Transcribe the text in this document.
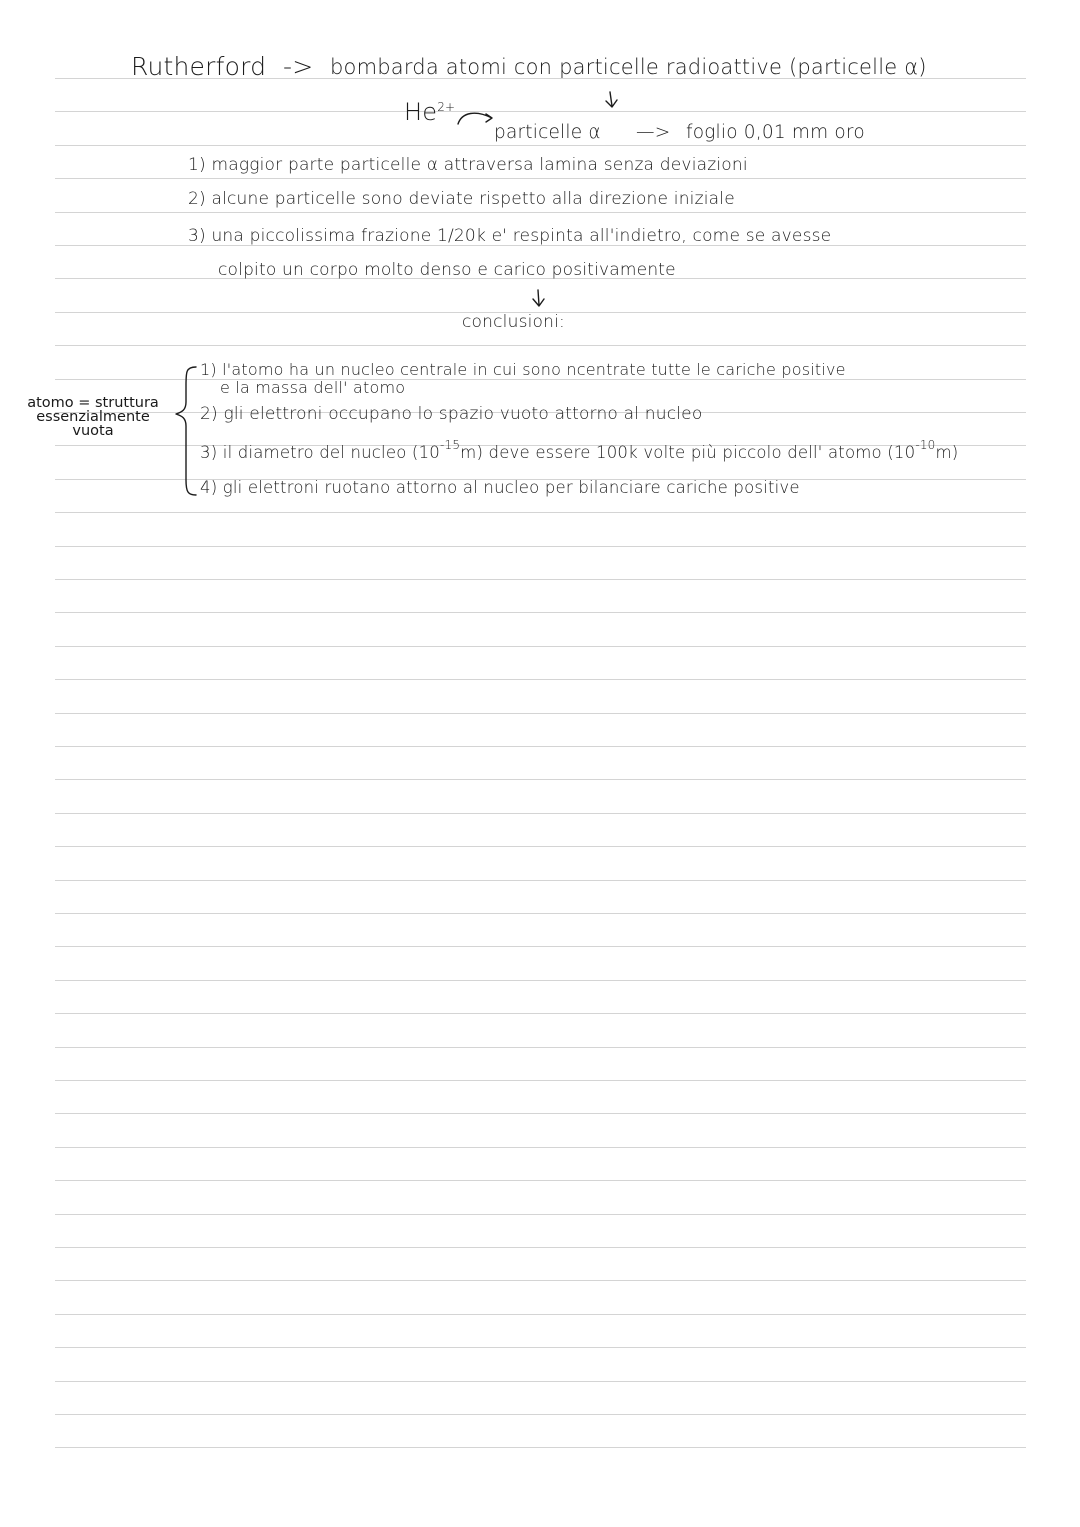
Rutherford -> bombarda atomi con particelle radioattive (particelle α)
$He^{2+}$
particelle α —> foglio 0,01 mm oro
1) maggior parte particelle α attraversa lamina senza deviazioni
2) alcune particelle sono deviate rispetto alla direzione iniziale
3) una piccolissima frazione 1/20k e' respinta all'indietro, come se avesse
colpito un corpo molto denso e carico positivamente
conclusioni:
atomo = struttura
essenzialmente
vuota
1) l'atomo ha un nucleo centrale in cui sono ncentrate tutte le cariche positive
e la massa dell' atomo
2) gli elettroni occupano lo spazio vuoto attorno al nucleo
3) il diametro del nucleo $(10^{-15}m)$ deve essere 100k volte più piccolo dell' atomo $(10^{-10}m)$
4) gli elettroni ruotano attorno al nucleo per bilanciare cariche positive
